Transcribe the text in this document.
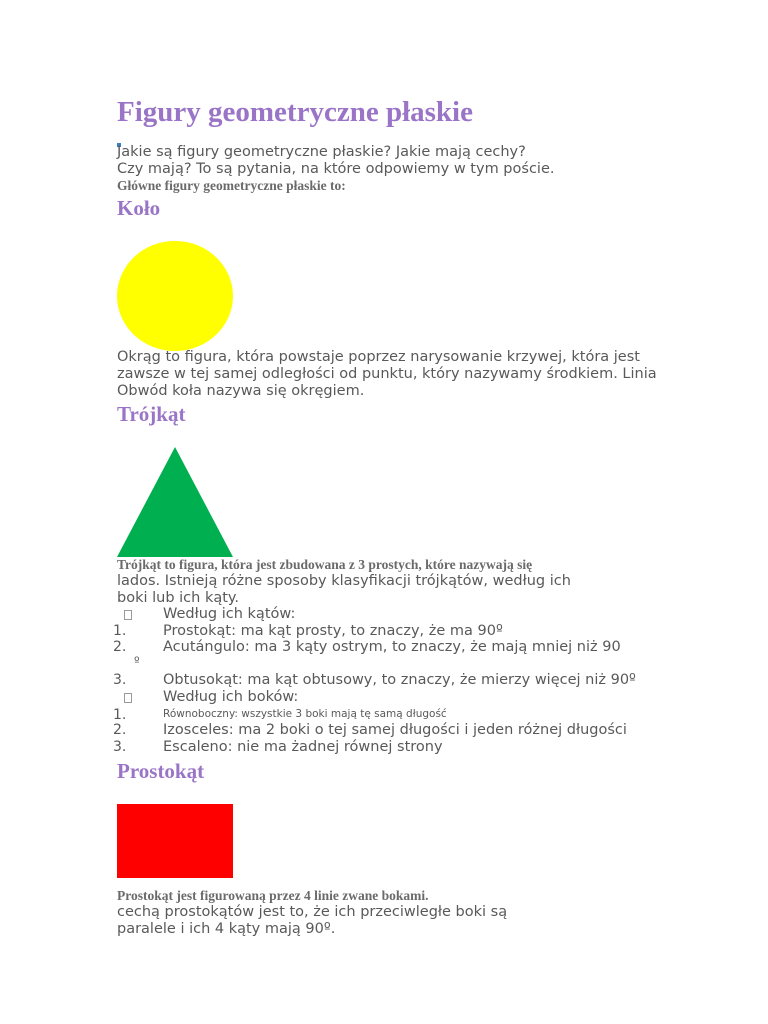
Figury geometryczne płaskie
Jakie są figury geometryczne płaskie? Jakie mają cechy?
Czy mają? To są pytania, na które odpowiemy w tym poście.
Główne figury geometryczne płaskie to:
Koło
Okrąg to figura, która powstaje poprzez narysowanie krzywej, która jest
zawsze w tej samej odległości od punktu, który nazywamy środkiem. Linia
Obwód koła nazywa się okręgiem.
Trójkąt
Trójkąt to figura, która jest zbudowana z 3 prostych, które nazywają się
lados. Istnieją różne sposoby klasyfikacji trójkątów, według ich
boki lub ich kąty.
Według ich kątów:
1.	Prostokąt: ma kąt prosty, to znaczy, że ma 90º
2.	Acutángulo: ma 3 kąty ostrym, to znaczy, że mają mniej niż 90
º
3.	Obtusokąt: ma kąt obtusowy, to znaczy, że mierzy więcej niż 90º
Według ich boków:
1.	Równoboczny: wszystkie 3 boki mają tę samą długość
2.	Izosceles: ma 2 boki o tej samej długości i jeden różnej długości
3.	Escaleno: nie ma żadnej równej strony
Prostokąt
Prostokąt jest figurowaną przez 4 linie zwane bokami.
cechą prostokątów jest to, że ich przeciwległe boki są
paralele i ich 4 kąty mają 90º.
